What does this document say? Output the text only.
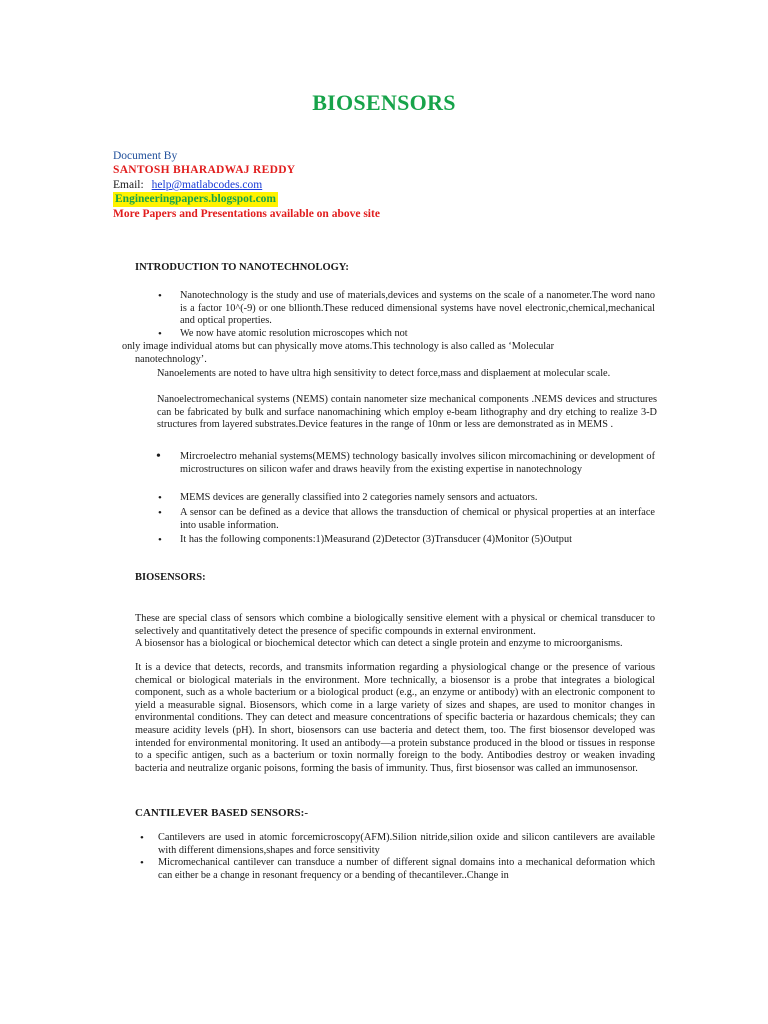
BIOSENSORS
Document By
SANTOSH BHARADWAJ REDDY
Email: help@matlabcodes.com
Engineeringpapers.blogspot.com
More Papers and Presentations available on above site
INTRODUCTION TO NANOTECHNOLOGY:
• Nanotechnology is the study and use of materials,devices and systems on the scale of a nanometer.The word nano is a factor 10^(-9) or one bllionth.These reduced dimensional systems have novel electronic,chemical,mechanical and optical properties.
• We now have atomic resolution microscopes which not
only image individual atoms but can physically move atoms.This technology is also called as ‘Molecular
nanotechnology’.
Nanoelements are noted to have ultra high sensitivity to detect force,mass and displaement at molecular scale.
Nanoelectromechanical systems (NEMS) contain nanometer size mechanical components .NEMS devices and structures can be fabricated by bulk and surface nanomachining which employ e-beam lithography and dry etching to realize 3-D structures from layered substrates.Device features in the range of 10nm or less are demonstrated as in MEMS .
• Mircroelectro mehanial systems(MEMS) technology basically involves silicon mircomachining or development of microstructures on silicon wafer and draws heavily from the existing expertise in nanotechnology
• MEMS devices are generally classified into 2 categories namely sensors and actuators.
• A sensor can be defined as a device that allows the transduction of chemical or physical properties at an interface into usable information.
• It has the following components:1)Measurand (2)Detector (3)Transducer (4)Monitor (5)Output
BIOSENSORS:
These are special class of sensors which combine a biologically sensitive element with a physical or chemical transducer to selectively and quantitatively detect the presence of specific compounds in external environment.
A biosensor has a biological or biochemical detector which can detect a single protein and enzyme to microorganisms.
It is a device that detects, records, and transmits information regarding a physiological change or the presence of various chemical or biological materials in the environment. More technically, a biosensor is a probe that integrates a biological component, such as a whole bacterium or a biological product (e.g., an enzyme or antibody) with an electronic component to yield a measurable signal. Biosensors, which come in a large variety of sizes and shapes, are used to monitor changes in environmental conditions. They can detect and measure concentrations of specific bacteria or hazardous chemicals; they can measure acidity levels (pH). In short, biosensors can use bacteria and detect them, too. The first biosensor developed was intended for environmental monitoring. It used an antibody—a protein substance produced in the blood or tissues in response to a specific antigen, such as a bacterium or toxin normally foreign to the body. Antibodies destroy or weaken invading bacteria and neutralize organic poisons, forming the basis of immunity. Thus, first biosensor was called an immunosensor.
CANTILEVER BASED SENSORS:-
• Cantilevers are used in atomic forcemicroscopy(AFM).Silion nitride,silion oxide and silicon cantilevers are available with different dimensions,shapes and force sensitivity
• Micromechanical cantilever can transduce a number of different signal domains into a mechanical deformation which can either be a change in resonant frequency or a bending of thecantilever..Change in
